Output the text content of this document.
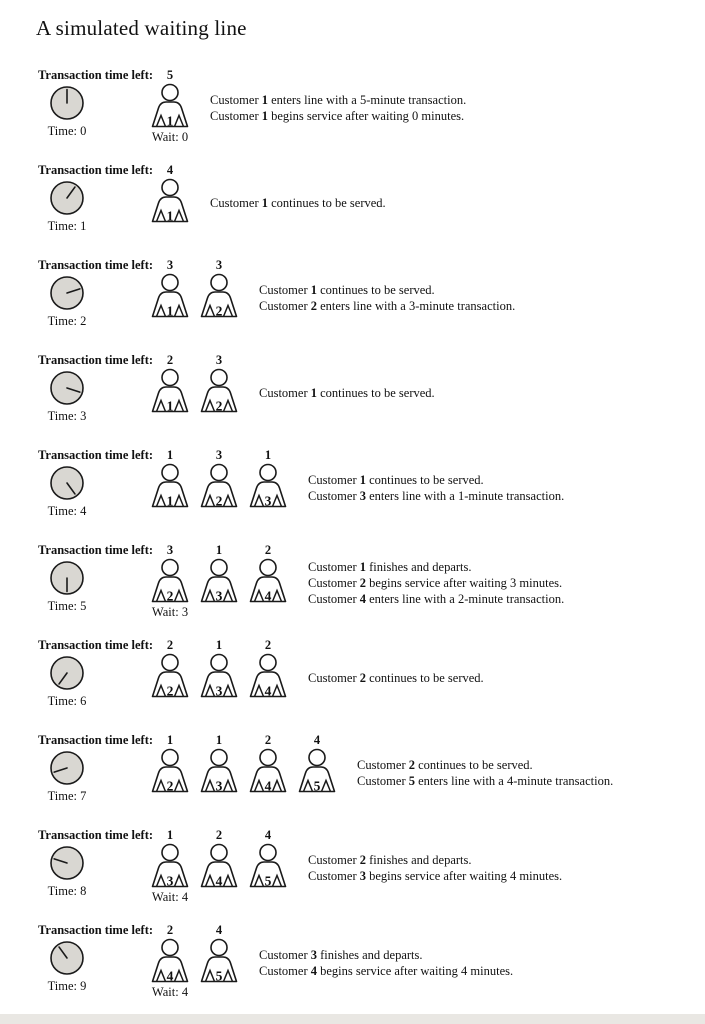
A simulated waiting line
Transaction time left: 5
Time: 0
1
Wait: 0
Customer 1 enters line with a 5-minute transaction.
Customer 1 begins service after waiting 0 minutes.
Transaction time left: 4
Time: 1
1
Customer 1 continues to be served.
Transaction time left: 3	3
Time: 2
1	2
Customer 1 continues to be served.
Customer 2 enters line with a 3-minute transaction.
Transaction time left: 2	3
Time: 3
1	2
Customer 1 continues to be served.
Transaction time left: 1	3	1
Time: 4
1	2	3
Customer 1 continues to be served.
Customer 3 enters line with a 1-minute transaction.
Transaction time left: 3	1	2
Time: 5
2	3	4
Wait: 3
Customer 1 finishes and departs.
Customer 2 begins service after waiting 3 minutes.
Customer 4 enters line with a 2-minute transaction.
Transaction time left: 2	1	2
Time: 6
2	3	4
Customer 2 continues to be served.
Transaction time left: 1	1	2	4
Time: 7
2	3	4	5
Customer 2 continues to be served.
Customer 5 enters line with a 4-minute transaction.
Transaction time left: 1	2	4
Time: 8
3	4	5
Wait: 4
Customer 2 finishes and departs.
Customer 3 begins service after waiting 4 minutes.
Transaction time left: 2	4
Time: 9
4	5
Wait: 4
Customer 3 finishes and departs.
Customer 4 begins service after waiting 4 minutes.
